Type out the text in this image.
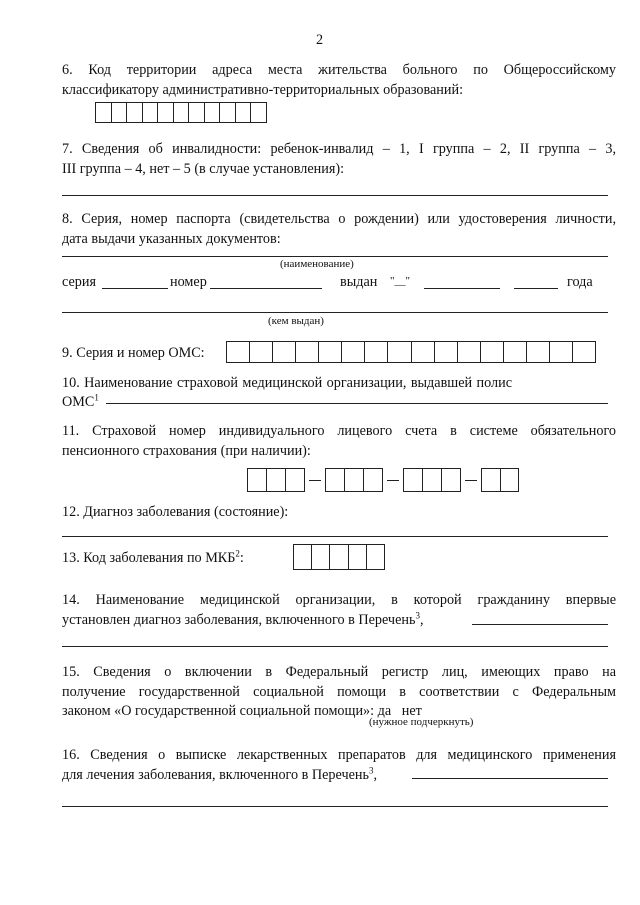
2
6. Код территории адреса места жительства больного по Общероссийскому
классификатору административно-территориальных образований:
7. Сведения об инвалидности: ребенок-инвалид – 1, I группа – 2, II группа – 3,
III группа – 4, нет – 5 (в случае установления):
8. Серия, номер паспорта (свидетельства о рождении) или удостоверения личности,
дата выдачи указанных документов:
(наименование)
серия	номер	выдан "__"	года
(кем выдан)
9. Серия и номер ОМС:
10. Наименование страховой медицинской организации, выдавшей полис
ОМС$^1$
11. Страховой номер индивидуального лицевого счета в системе обязательного
пенсионного страхования (при наличии):
12. Диагноз заболевания (состояние):
13. Код заболевания по МКБ$^2$:
14. Наименование медицинской организации, в которой гражданину впервые
установлен диагноз заболевания, включенного в Перечень$^3$,
15. Сведения о включении в Федеральный регистр лиц, имеющих право на
получение государственной социальной помощи в соответствии с Федеральным
законом «О государственной социальной помощи»: да нет
(нужное подчеркнуть)
16. Сведения о выписке лекарственных препаратов для медицинского применения
для лечения заболевания, включенного в Перечень$^3$,
